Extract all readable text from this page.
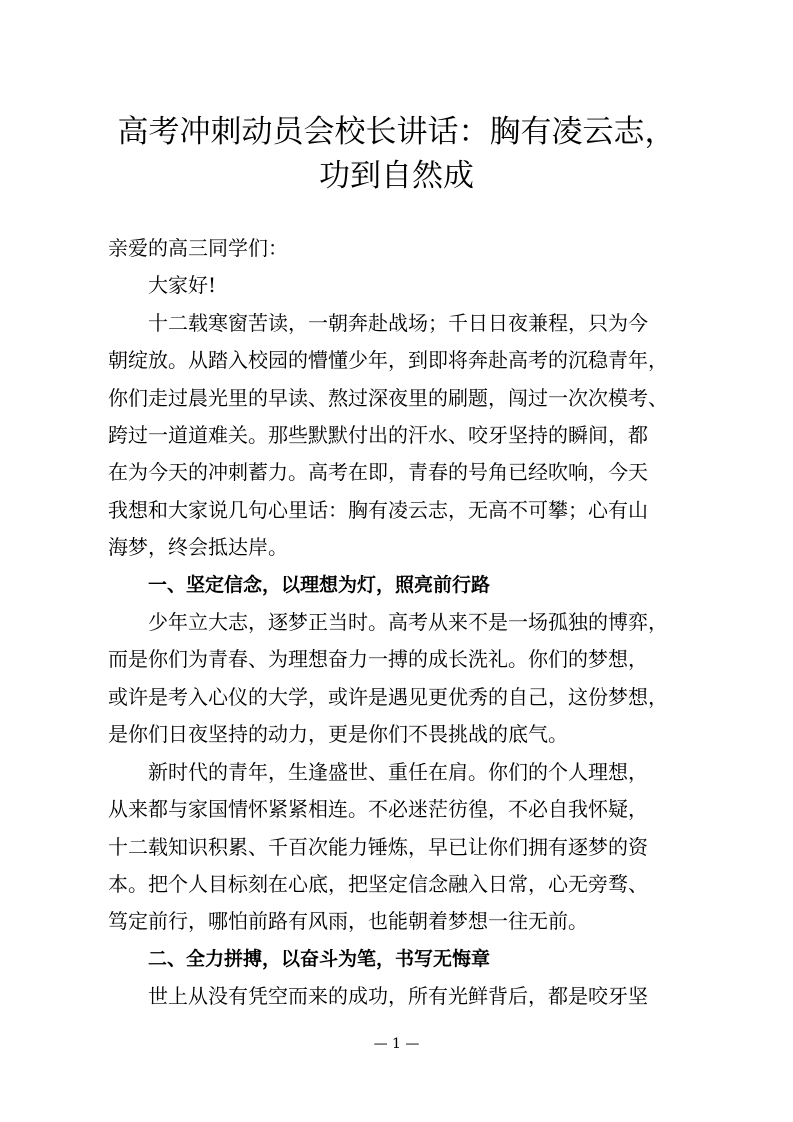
高考冲刺动员会校长讲话：胸有凌云志，
功到自然成

亲爱的高三同学们：

大家好!

十二载寒窗苦读，一朝奔赴战场；千日日夜兼程，只为今
朝绽放。从踏入校园的懵懂少年，到即将奔赴高考的沉稳青年，
你们走过晨光里的早读、熬过深夜里的刷题，闯过一次次模考、
跨过一道道难关。那些默默付出的汗水、咬牙坚持的瞬间，都
在为今天的冲刺蓄力。高考在即，青春的号角已经吹响，今天
我想和大家说几句心里话：胸有凌云志，无高不可攀；心有山
海梦，终会抵达岸。

一、坚定信念，以理想为灯，照亮前行路

少年立大志，逐梦正当时。高考从来不是一场孤独的博弈，
而是你们为青春、为理想奋力一搏的成长洗礼。你们的梦想，
或许是考入心仪的大学，或许是遇见更优秀的自己，这份梦想，
是你们日夜坚持的动力，更是你们不畏挑战的底气。

新时代的青年，生逢盛世、重任在肩。你们的个人理想，
从来都与家国情怀紧紧相连。不必迷茫彷徨，不必自我怀疑，
十二载知识积累、千百次能力锤炼，早已让你们拥有逐梦的资
本。把个人目标刻在心底，把坚定信念融入日常，心无旁骛、
笃定前行，哪怕前路有风雨，也能朝着梦想一往无前。

二、全力拼搏，以奋斗为笔，书写无悔章

世上从没有凭空而来的成功，所有光鲜背后，都是咬牙坚

— 1 —
